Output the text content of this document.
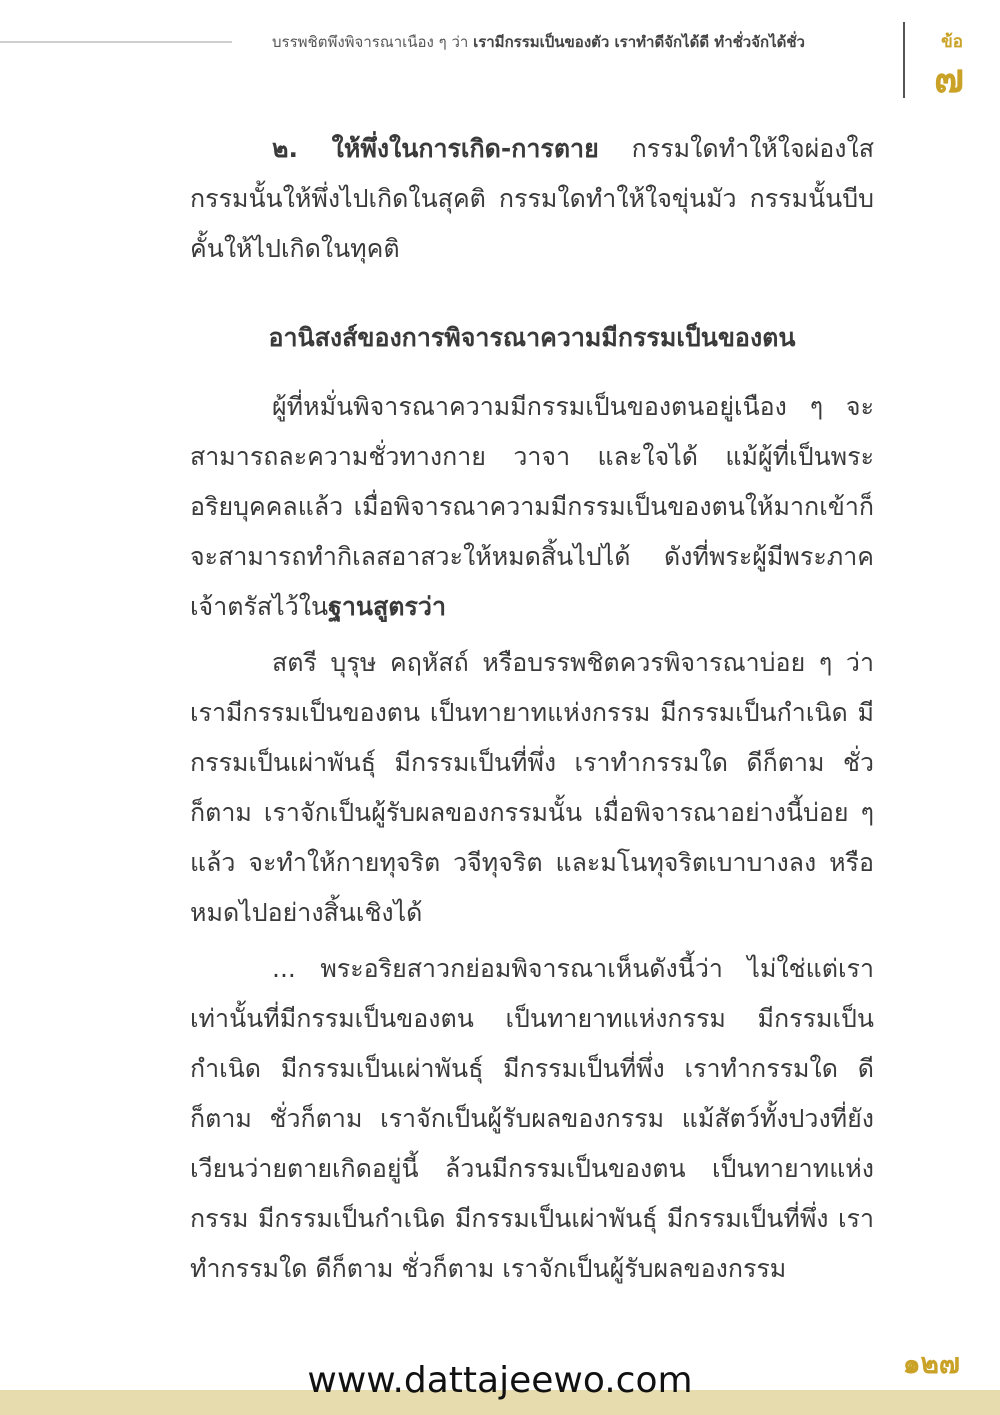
บรรพชิตพึงพิจารณาเนือง ๆ ว่า เรามีกรรมเป็นของตัว เราทำดีจักได้ดี ทำชั่วจักได้ชั่ว	ข้อ
๗

๒. ให้พึ่งในการเกิด-การตาย กรรมใดทำให้ใจผ่องใส กรรมนั้นให้พึ่งไปเกิดในสุคติ กรรมใดทำให้ใจขุ่นมัว กรรมนั้นบีบคั้นให้ไปเกิดในทุคติ

อานิสงส์ของการพิจารณาความมีกรรมเป็นของตน

ผู้ที่หมั่นพิจารณาความมีกรรมเป็นของตนอยู่เนือง ๆ จะสามารถละความชั่วทางกาย วาจา และใจได้ แม้ผู้ที่เป็นพระอริยบุคคลแล้ว เมื่อพิจารณาความมีกรรมเป็นของตนให้มากเข้าก็จะสามารถทำกิเลสอาสวะให้หมดสิ้นไปได้ ดังที่พระผู้มีพระภาคเจ้าตรัสไว้ในฐานสูตรว่า

สตรี บุรุษ คฤหัสถ์ หรือบรรพชิตควรพิจารณาบ่อย ๆ ว่า เรามีกรรมเป็นของตน เป็นทายาทแห่งกรรม มีกรรมเป็นกำเนิด มีกรรมเป็นเผ่าพันธุ์ มีกรรมเป็นที่พึ่ง เราทำกรรมใด ดีก็ตาม ชั่วก็ตาม เราจักเป็นผู้รับผลของกรรมนั้น เมื่อพิจารณาอย่างนี้บ่อย ๆ แล้ว จะทำให้กายทุจริต วจีทุจริต และมโนทุจริตเบาบางลง หรือหมดไปอย่างสิ้นเชิงได้

... พระอริยสาวกย่อมพิจารณาเห็นดังนี้ว่า ไม่ใช่แต่เราเท่านั้นที่มีกรรมเป็นของตน เป็นทายาทแห่งกรรม มีกรรมเป็นกำเนิด มีกรรมเป็นเผ่าพันธุ์ มีกรรมเป็นที่พึ่ง เราทำกรรมใด ดีก็ตาม ชั่วก็ตาม เราจักเป็นผู้รับผลของกรรม แม้สัตว์ทั้งปวงที่ยังเวียนว่ายตายเกิดอยู่นี้ ล้วนมีกรรมเป็นของตน เป็นทายาทแห่งกรรม มีกรรมเป็นกำเนิด มีกรรมเป็นเผ่าพันธุ์ มีกรรมเป็นที่พึ่ง เราทำกรรมใด ดีก็ตาม ชั่วก็ตาม เราจักเป็นผู้รับผลของกรรม

๑๒๗
www.dattajeewo.com
